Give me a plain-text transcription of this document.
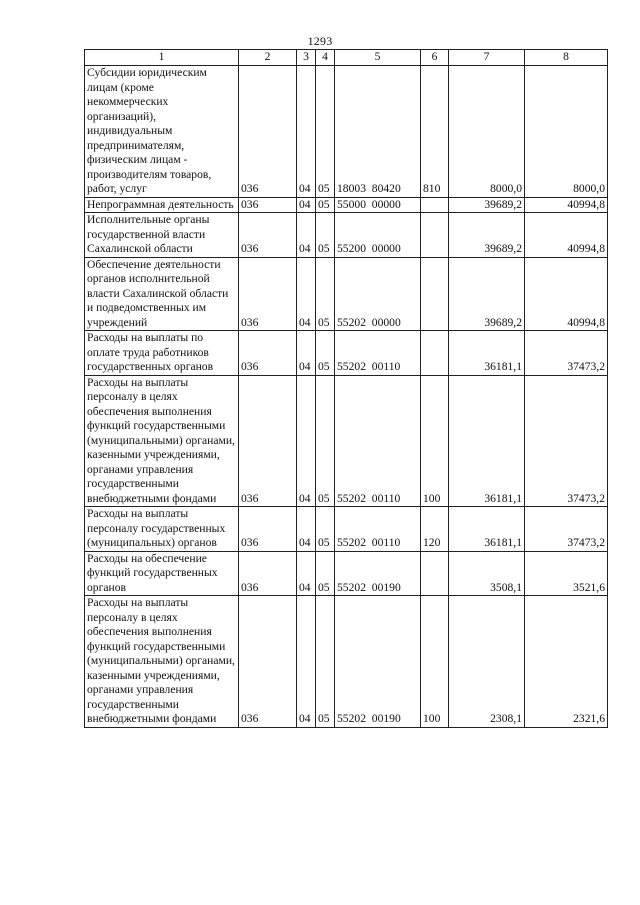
1293
1	2	3	4	5	6	7	8
Субсидии юридическим лицам (кроме некоммерческих организаций), индивидуальным предпринимателям, физическим лицам - производителям товаров, работ, услуг	036	04	05	18003  80420	810	8000,0	8000,0
Непрограммная деятельность	036	04	05	55000  00000		39689,2	40994,8
Исполнительные органы государственной власти Сахалинской области	036	04	05	55200  00000		39689,2	40994,8
Обеспечение деятельности органов исполнительной власти Сахалинской области и подведомственных им учреждений	036	04	05	55202  00000		39689,2	40994,8
Расходы на выплаты по оплате труда работников государственных органов	036	04	05	55202  00110		36181,1	37473,2
Расходы на выплаты персоналу в целях обеспечения выполнения функций государственными (муниципальными) органами, казенными учреждениями, органами управления государственными внебюджетными фондами	036	04	05	55202  00110	100	36181,1	37473,2
Расходы на выплаты персоналу государственных (муниципальных) органов	036	04	05	55202  00110	120	36181,1	37473,2
Расходы на обеспечение функций государственных органов	036	04	05	55202  00190		3508,1	3521,6
Расходы на выплаты персоналу в целях обеспечения выполнения функций государственными (муниципальными) органами, казенными учреждениями, органами управления государственными внебюджетными фондами	036	04	05	55202  00190	100	2308,1	2321,6
